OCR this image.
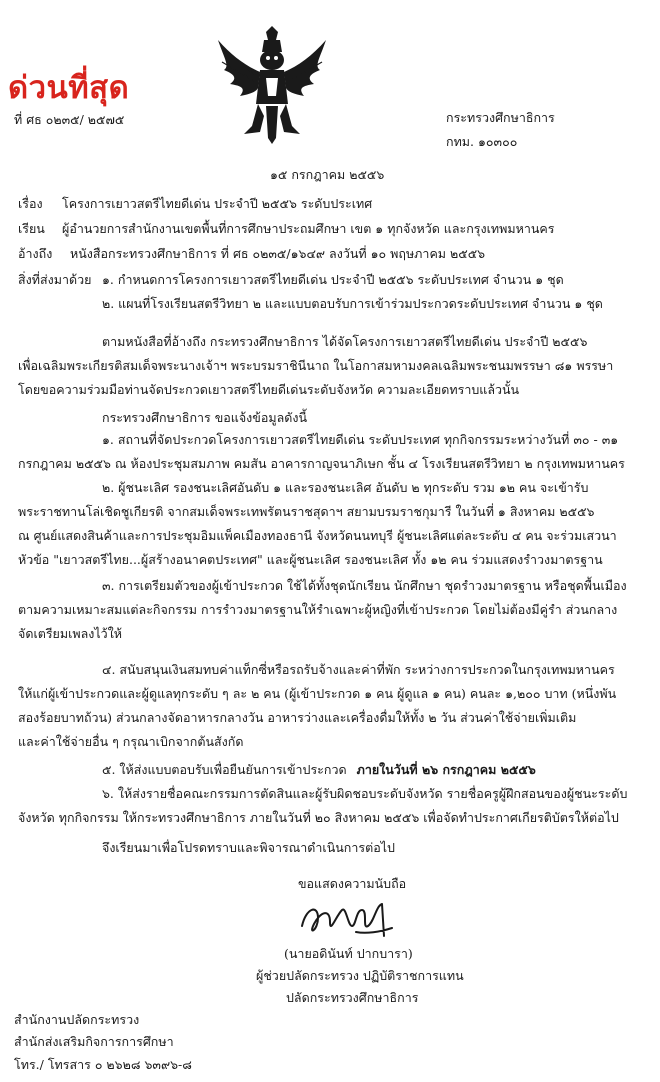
ด่วนที่สุด
ที่ ศธ ๐๒๓๕/ ๒๕๗๕	กระทรวงศึกษาธิการ
กทม. ๑๐๓๐๐
๑๕ กรกฎาคม ๒๕๕๖
เรื่อง โครงการเยาวสตรีไทยดีเด่น ประจำปี ๒๕๕๖ ระดับประเทศ
เรียน ผู้อำนวยการสำนักงานเขตพื้นที่การศึกษาประถมศึกษา เขต ๑ ทุกจังหวัด และกรุงเทพมหานคร
อ้างถึง หนังสือกระทรวงศึกษาธิการ ที่ ศธ ๐๒๓๕/๑๖๔๙ ลงวันที่ ๑๐ พฤษภาคม ๒๕๕๖
สิ่งที่ส่งมาด้วย ๑. กำหนดการโครงการเยาวสตรีไทยดีเด่น ประจำปี ๒๕๕๖ ระดับประเทศ จำนวน ๑ ชุด
๒. แผนที่โรงเรียนสตรีวิทยา ๒ และแบบตอบรับการเข้าร่วมประกวดระดับประเทศ จำนวน ๑ ชุด
ตามหนังสือที่อ้างถึง กระทรวงศึกษาธิการ ได้จัดโครงการเยาวสตรีไทยดีเด่น ประจำปี ๒๕๕๖
เพื่อเฉลิมพระเกียรติสมเด็จพระนางเจ้าฯ พระบรมราชินีนาถ ในโอกาสมหามงคลเฉลิมพระชนมพรรษา ๘๑ พรรษา
โดยขอความร่วมมือท่านจัดประกวดเยาวสตรีไทยดีเด่นระดับจังหวัด ความละเอียดทราบแล้วนั้น
กระทรวงศึกษาธิการ ขอแจ้งข้อมูลดังนี้
๑. สถานที่จัดประกวดโครงการเยาวสตรีไทยดีเด่น ระดับประเทศ ทุกกิจกรรมระหว่างวันที่ ๓๐ - ๓๑
กรกฎาคม ๒๕๕๖ ณ ห้องประชุมสมภาพ คมสัน อาคารกาญจนาภิเษก ชั้น ๔ โรงเรียนสตรีวิทยา ๒ กรุงเทพมหานคร
๒. ผู้ชนะเลิศ รองชนะเลิศอันดับ ๑ และรองชนะเลิศ อันดับ ๒ ทุกระดับ รวม ๑๒ คน จะเข้ารับ
พระราชทานโล่เชิดชูเกียรติ จากสมเด็จพระเทพรัตนราชสุดาฯ สยามบรมราชกุมารี ในวันที่ ๑ สิงหาคม ๒๕๕๖
ณ ศูนย์แสดงสินค้าและการประชุมอิมแพ็คเมืองทองธานี จังหวัดนนทบุรี ผู้ชนะเลิศแต่ละระดับ ๔ คน จะร่วมเสวนา
หัวข้อ "เยาวสตรีไทย...ผู้สร้างอนาคตประเทศ" และผู้ชนะเลิศ รองชนะเลิศ ทั้ง ๑๒ คน ร่วมแสดงรำวงมาตรฐาน
๓. การเตรียมตัวของผู้เข้าประกวด ใช้ได้ทั้งชุดนักเรียน นักศึกษา ชุดรำวงมาตรฐาน หรือชุดพื้นเมือง
ตามความเหมาะสมแต่ละกิจกรรม การรำวงมาตรฐานให้รำเฉพาะผู้หญิงที่เข้าประกวด โดยไม่ต้องมีคู่รำ ส่วนกลาง
จัดเตรียมเพลงไว้ให้
๔. สนับสนุนเงินสมทบค่าแท็กซี่หรือรถรับจ้างและค่าที่พัก ระหว่างการประกวดในกรุงเทพมหานคร
ให้แก่ผู้เข้าประกวดและผู้ดูแลทุกระดับ ๆ ละ ๒ คน (ผู้เข้าประกวด ๑ คน ผู้ดูแล ๑ คน) คนละ ๑,๒๐๐ บาท (หนึ่งพัน
สองร้อยบาทถ้วน) ส่วนกลางจัดอาหารกลางวัน อาหารว่างและเครื่องดื่มให้ทั้ง ๒ วัน ส่วนค่าใช้จ่ายเพิ่มเติม
และค่าใช้จ่ายอื่น ๆ กรุณาเบิกจากต้นสังกัด
๕. ให้ส่งแบบตอบรับเพื่อยืนยันการเข้าประกวด ภายในวันที่ ๒๖ กรกฎาคม ๒๕๕๖
๖. ให้ส่งรายชื่อคณะกรรมการตัดสินและผู้รับผิดชอบระดับจังหวัด รายชื่อครูผู้ฝึกสอนของผู้ชนะระดับ
จังหวัด ทุกกิจกรรม ให้กระทรวงศึกษาธิการ ภายในวันที่ ๒๐ สิงหาคม ๒๕๕๖ เพื่อจัดทำประกาศเกียรติบัตรให้ต่อไป
จึงเรียนมาเพื่อโปรดทราบและพิจารณาดำเนินการต่อไป
ขอแสดงความนับถือ
(นายอดินันท์ ปากบารา)
ผู้ช่วยปลัดกระทรวง ปฏิบัติราชการแทน
ปลัดกระทรวงศึกษาธิการ
สำนักงานปลัดกระทรวง
สำนักส่งเสริมกิจการการศึกษา
โทร./ โทรสาร ๐ ๒๖๒๘ ๖๓๙๖-๘
